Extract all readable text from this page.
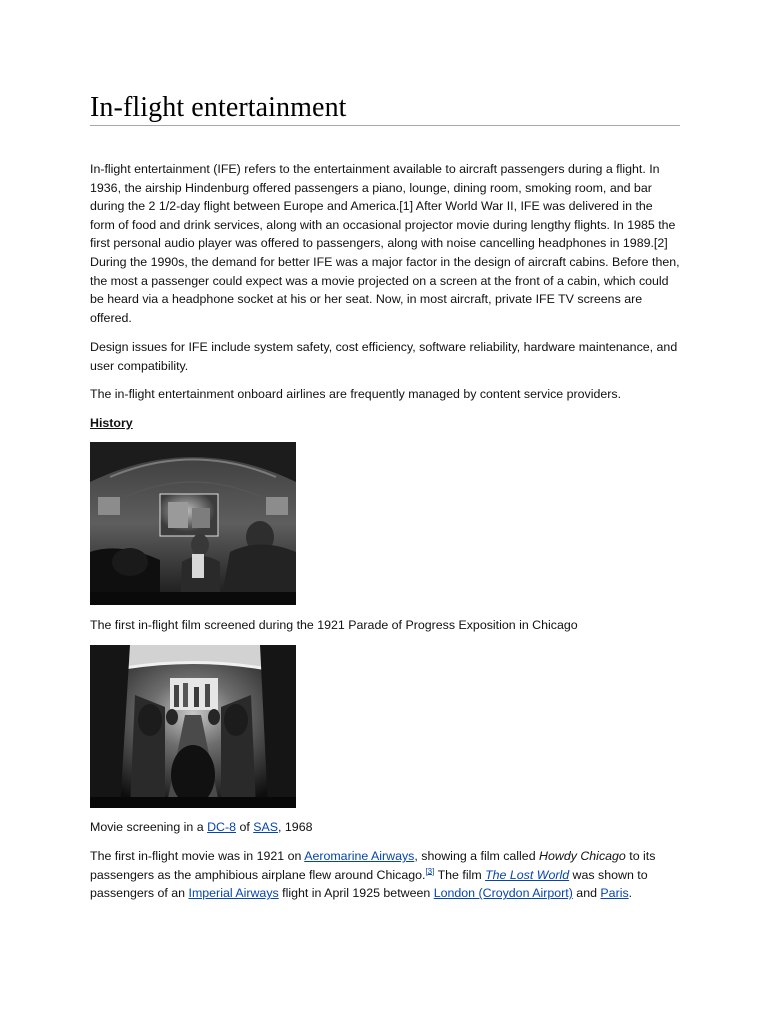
In-flight entertainment

In-flight entertainment (IFE) refers to the entertainment available to aircraft passengers during a flight. In 1936, the airship Hindenburg offered passengers a piano, lounge, dining room, smoking room, and bar during the 2 1/2-day flight between Europe and America.[1] After World War II, IFE was delivered in the form of food and drink services, along with an occasional projector movie during lengthy flights. In 1985 the first personal audio player was offered to passengers, along with noise cancelling headphones in 1989.[2] During the 1990s, the demand for better IFE was a major factor in the design of aircraft cabins. Before then, the most a passenger could expect was a movie projected on a screen at the front of a cabin, which could be heard via a headphone socket at his or her seat. Now, in most aircraft, private IFE TV screens are offered.

Design issues for IFE include system safety, cost efficiency, software reliability, hardware maintenance, and user compatibility.

The in-flight entertainment onboard airlines are frequently managed by content service providers.

History

The first in-flight film screened during the 1921 Parade of Progress Exposition in Chicago

Movie screening in a DC-8 of SAS, 1968

The first in-flight movie was in 1921 on Aeromarine Airways, showing a film called Howdy Chicago to its passengers as the amphibious airplane flew around Chicago.[3] The film The Lost World was shown to passengers of an Imperial Airways flight in April 1925 between London (Croydon Airport) and Paris.
